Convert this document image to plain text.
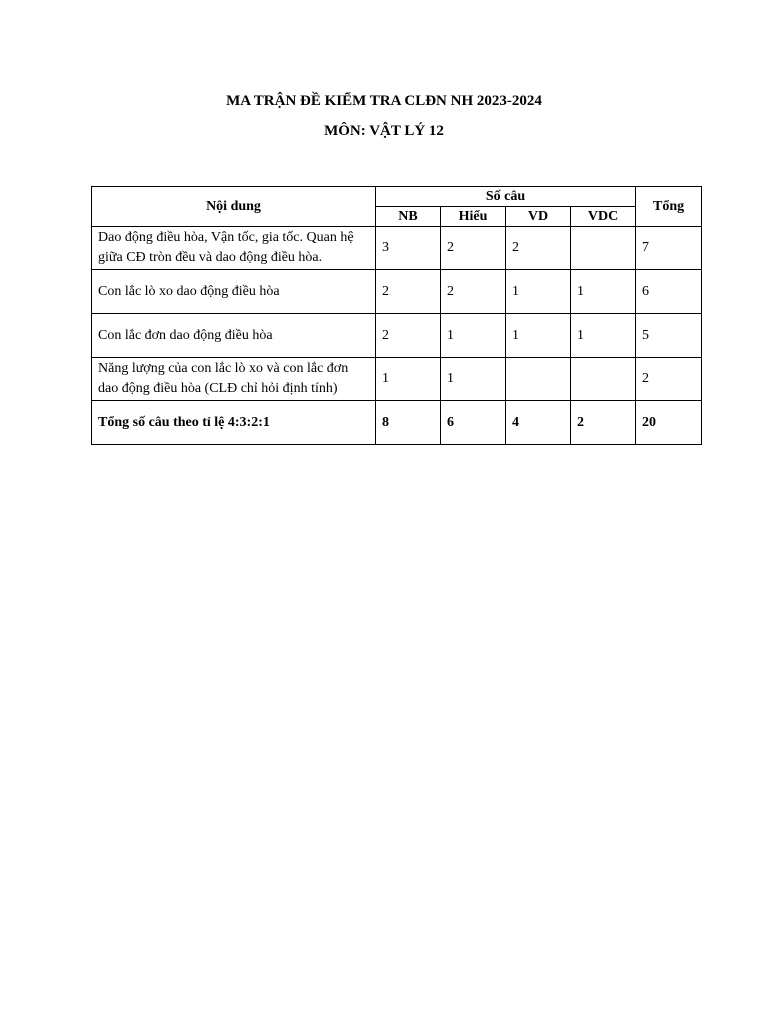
MA TRẬN ĐỀ KIỂM TRA CLĐN NH 2023-2024
MÔN: VẬT LÝ 12
Nội dung	Số câu				Tổng
	NB	Hiểu	VD	VDC	
Dao động điều hòa, Vận tốc, gia tốc. Quan hệ giữa CĐ tròn đều và dao động điều hòa.	3	2	2		7
Con lắc lò xo dao động điều hòa	2	2	1	1	6
Con lắc đơn dao động điều hòa	2	1	1	1	5
Năng lượng của con lắc lò xo và con lắc đơn dao động điều hòa (CLĐ chỉ hỏi định tính)	1	1			2
Tổng số câu theo tỉ lệ 4:3:2:1	8	6	4	2	20
